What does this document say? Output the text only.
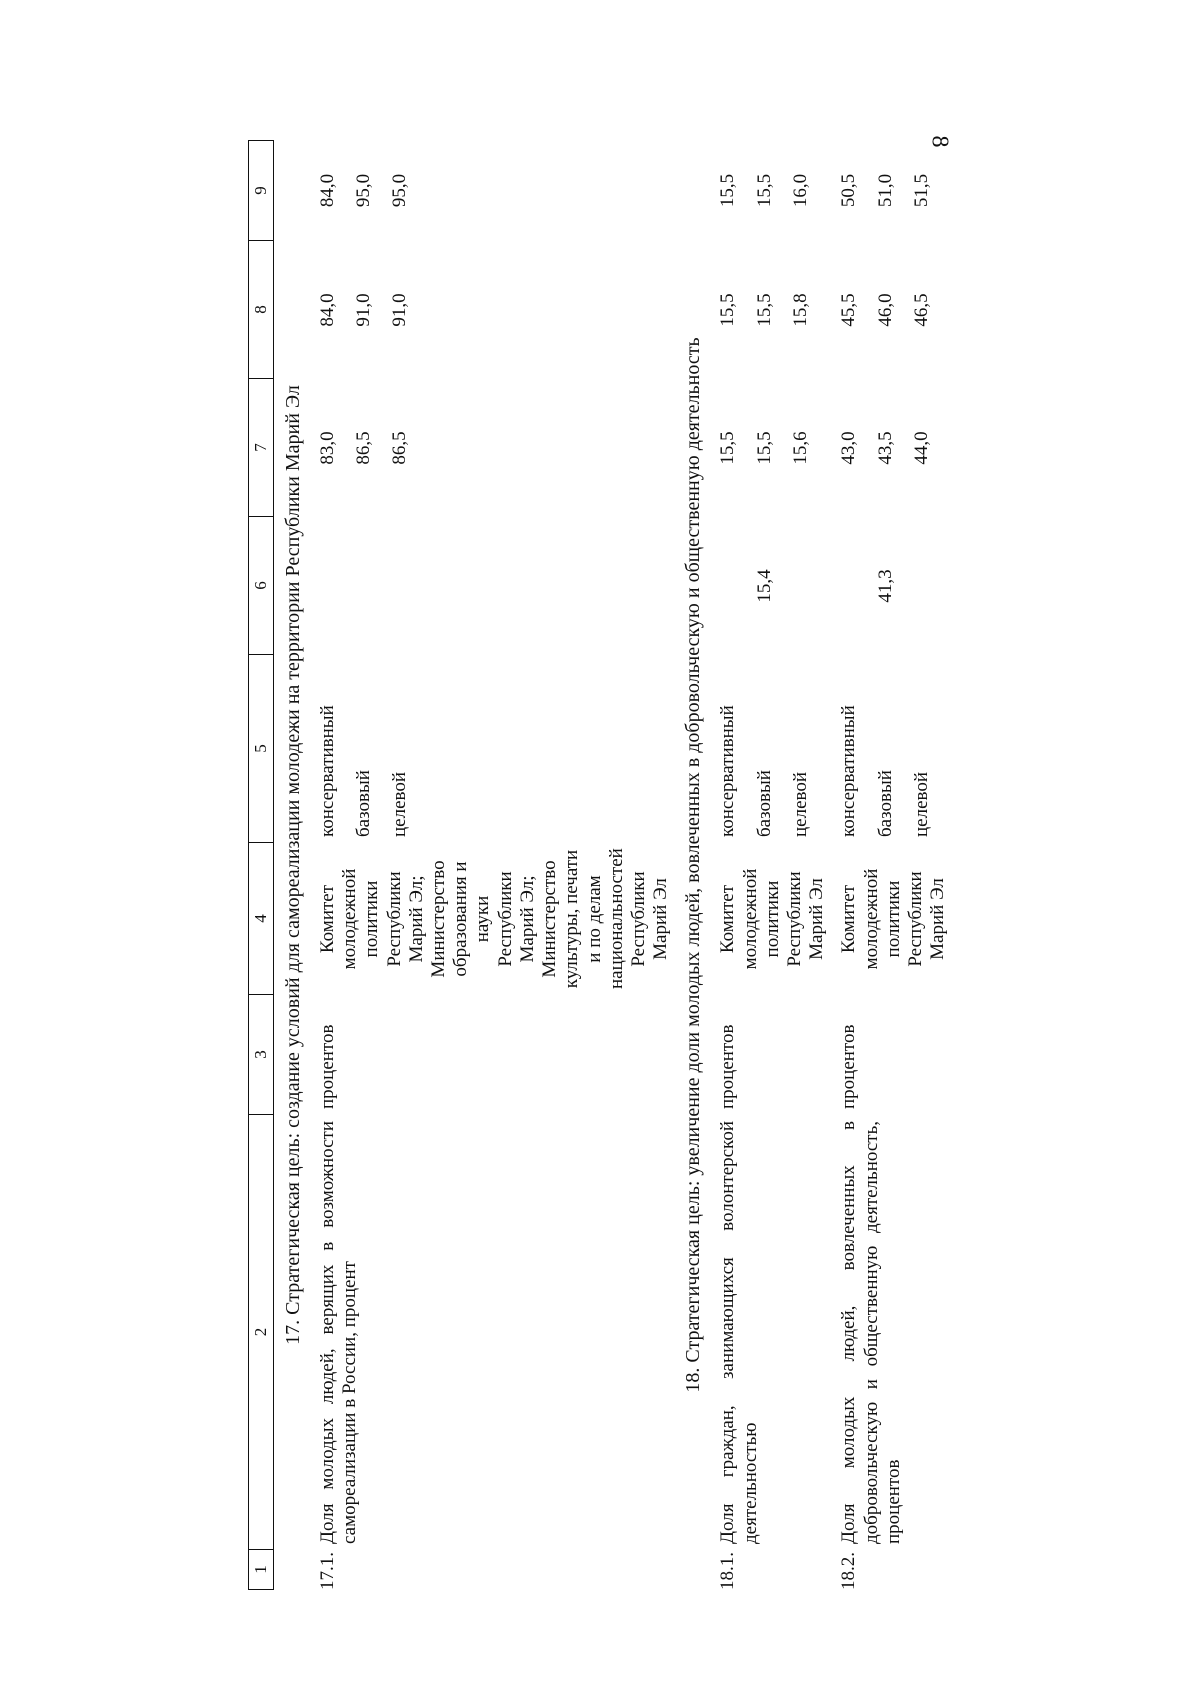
8
1
2
3
4
5
6
7
8
9
17. Стратегическая цель: создание условий для самореализации молодежи на территории Республики Марий Эл
17.1.
Доля молодых людей, верящих в возможности самореализации в России, процент
процентов
Комитет молодежной политики Республики Марий Эл; Министерство образования и науки Республики Марий Эл; Министерство культуры, печати и по делам национальностей Республики Марий Эл
консервативный базовый целевой

83,0 86,5 86,5
84,0 91,0 91,0
84,0 95,0 95,0
18. Стратегическая цель: увеличение доли молодых людей, вовлеченных в добровольческую и общественную деятельность
18.1.
Доля граждан, занимающихся волонтерской деятельностью
процентов
Комитет молодежной политики Республики Марий Эл
консервативный базовый целевой

15,4
15,5 15,5 15,6
15,5 15,5 15,8
15,5 15,5 16,0
18.2.
Доля молодых людей, вовлеченных в добровольческую и общественную деятельность, процентов
процентов
Комитет молодежной политики Республики Марий Эл
консервативный базовый целевой

41,3
43,0 43,5 44,0
45,5 46,0 46,5
50,5 51,0 51,5
